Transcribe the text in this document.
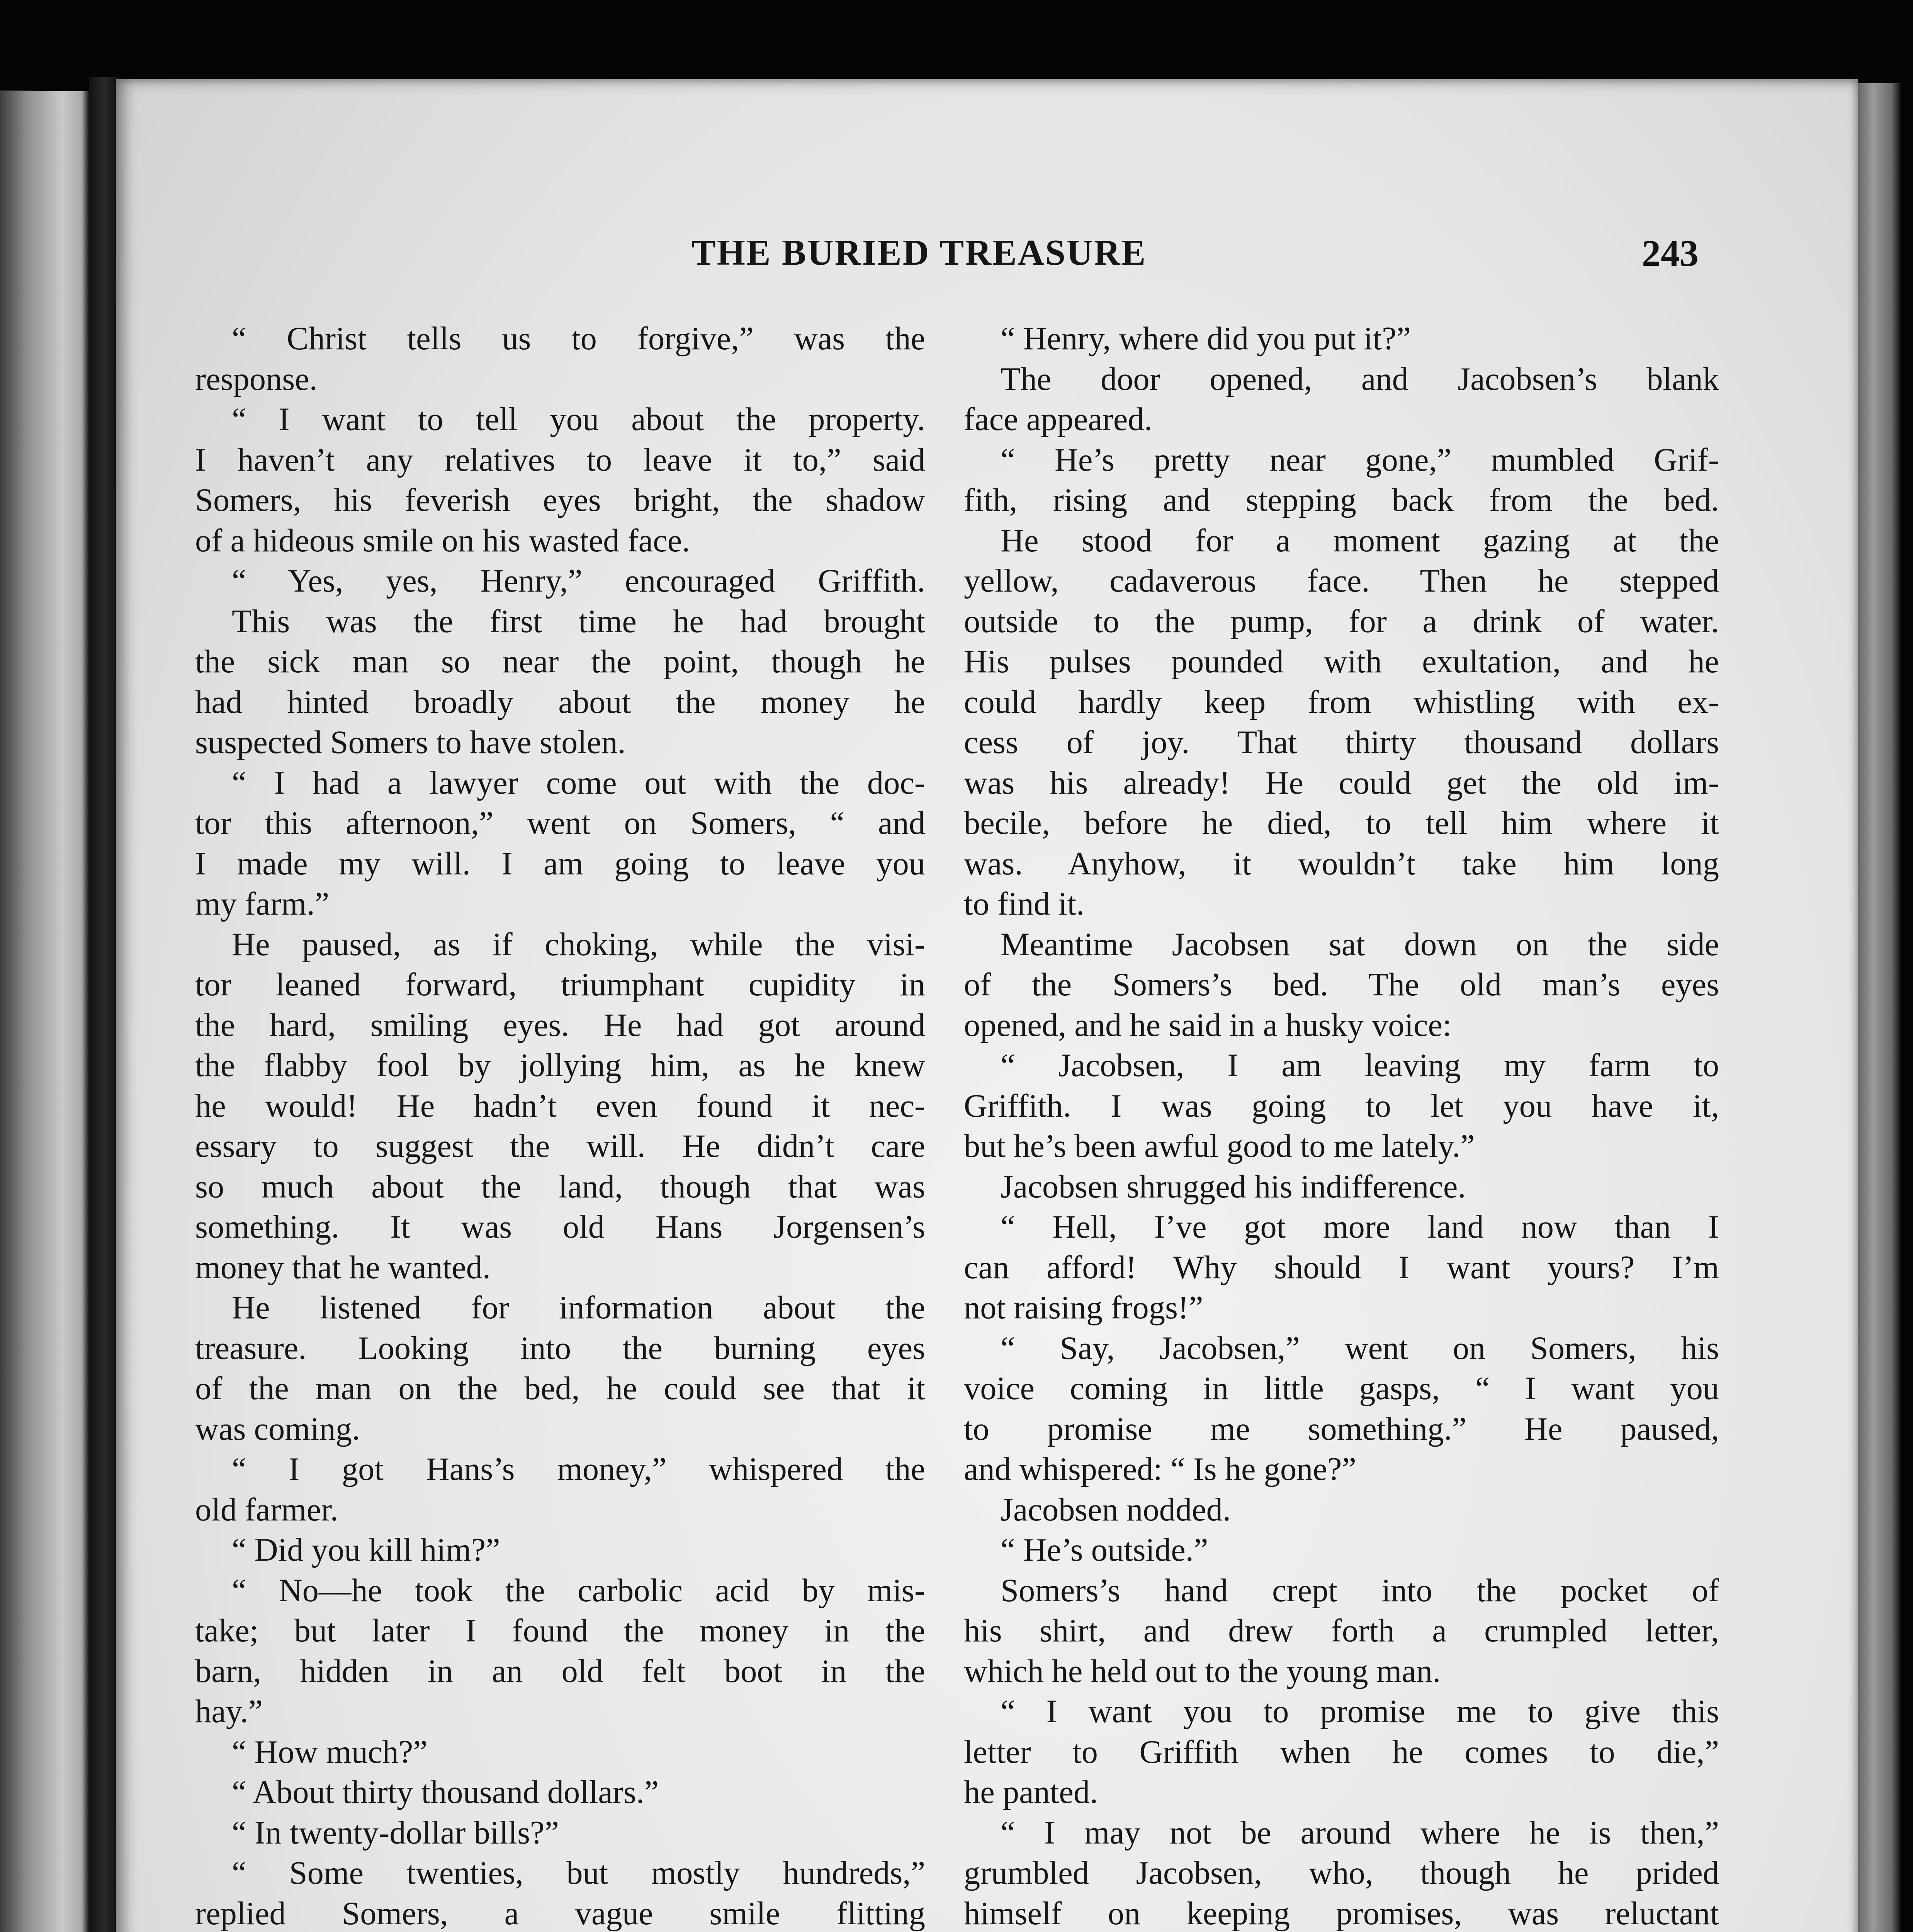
THE BURIED TREASURE	243
“ Christ tells us to forgive,” was the
response.
“ I want to tell you about the property.
I haven’t any relatives to leave it to,” said
Somers, his feverish eyes bright, the shadow
of a hideous smile on his wasted face.
“ Yes, yes, Henry,” encouraged Griffith.
This was the first time he had brought
the sick man so near the point, though he
had hinted broadly about the money he
suspected Somers to have stolen.
“ I had a lawyer come out with the doc-
tor this afternoon,” went on Somers, “ and
I made my will. I am going to leave you
my farm.”
He paused, as if choking, while the visi-
tor leaned forward, triumphant cupidity in
the hard, smiling eyes. He had got around
the flabby fool by jollying him, as he knew
he would! He hadn’t even found it nec-
essary to suggest the will. He didn’t care
so much about the land, though that was
something. It was old Hans Jorgensen’s
money that he wanted.
He listened for information about the
treasure. Looking into the burning eyes
of the man on the bed, he could see that it
was coming.
“ I got Hans’s money,” whispered the
old farmer.
“ Did you kill him?”
“ No—he took the carbolic acid by mis-
take; but later I found the money in the
barn, hidden in an old felt boot in the
hay.”
“ How much?”
“ About thirty thousand dollars.”
“ In twenty-dollar bills?”
“ Some twenties, but mostly hundreds,”
replied Somers, a vague smile flitting
“ Henry, where did you put it?”
The door opened, and Jacobsen’s blank
face appeared.
“ He’s pretty near gone,” mumbled Grif-
fith, rising and stepping back from the bed.
He stood for a moment gazing at the
yellow, cadaverous face. Then he stepped
outside to the pump, for a drink of water.
His pulses pounded with exultation, and he
could hardly keep from whistling with ex-
cess of joy. That thirty thousand dollars
was his already! He could get the old im-
becile, before he died, to tell him where it
was. Anyhow, it wouldn’t take him long
to find it.
Meantime Jacobsen sat down on the side
of the Somers’s bed. The old man’s eyes
opened, and he said in a husky voice:
“ Jacobsen, I am leaving my farm to
Griffith. I was going to let you have it,
but he’s been awful good to me lately.”
Jacobsen shrugged his indifference.
“ Hell, I’ve got more land now than I
can afford! Why should I want yours? I’m
not raising frogs!”
“ Say, Jacobsen,” went on Somers, his
voice coming in little gasps, “ I want you
to promise me something.” He paused,
and whispered: “ Is he gone?”
Jacobsen nodded.
“ He’s outside.”
Somers’s hand crept into the pocket of
his shirt, and drew forth a crumpled letter,
which he held out to the young man.
“ I want you to promise me to give this
letter to Griffith when he comes to die,”
he panted.
“ I may not be around where he is then,”
grumbled Jacobsen, who, though he prided
himself on keeping promises, was reluctant
